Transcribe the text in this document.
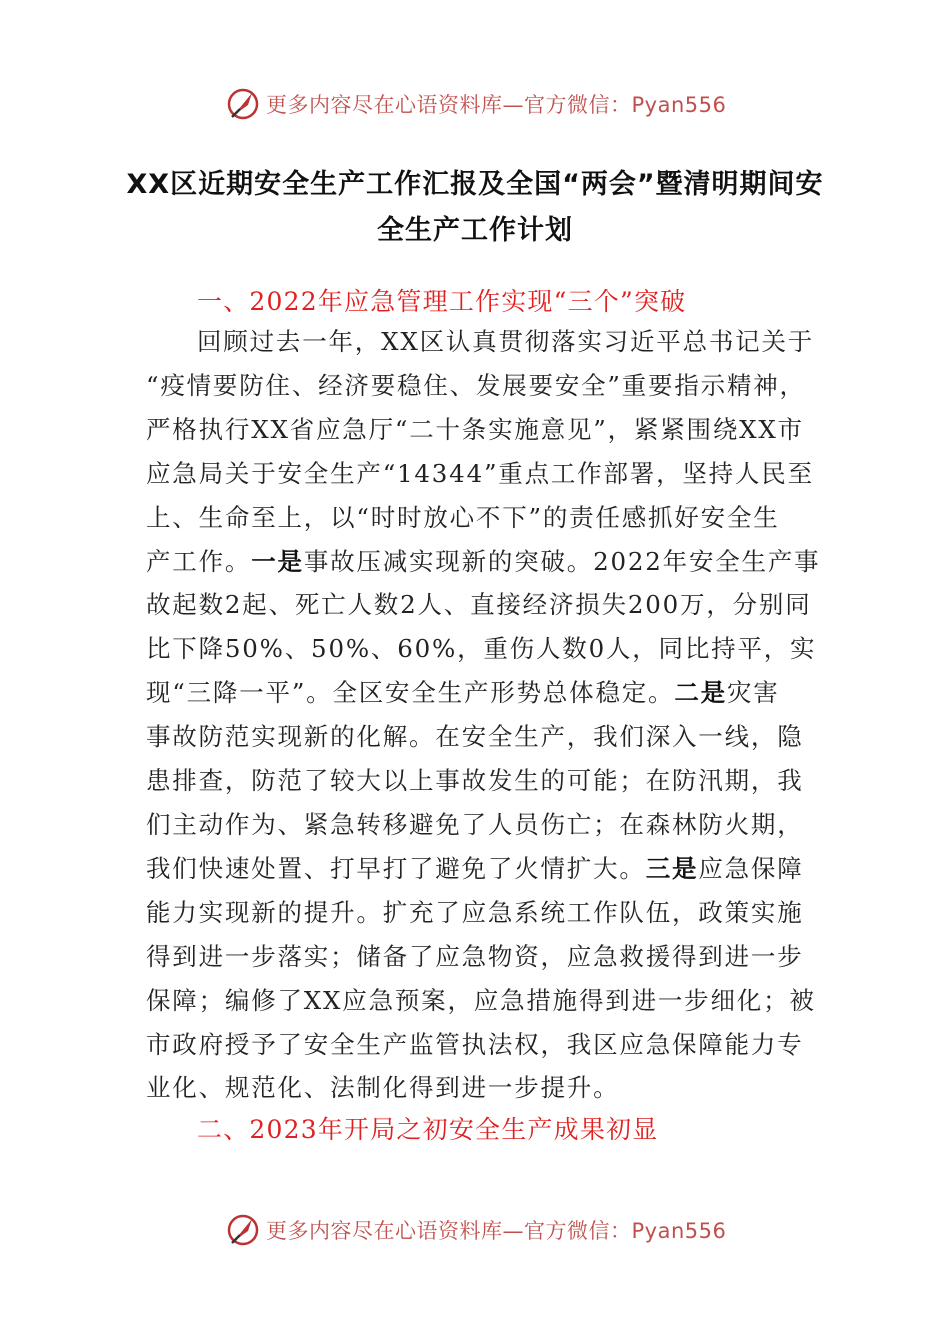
更多内容尽在心语资料库—官方微信：Pyan556
XX区近期安全生产工作汇报及全国“两会”暨清明期间安
全生产工作计划
一、2022年应急管理工作实现“三个”突破
回顾过去一年，XX区认真贯彻落实习近平总书记关于
“疫情要防住、经济要稳住、发展要安全”重要指示精神，
严格执行XX省应急厅“二十条实施意见”，紧紧围绕XX市
应急局关于安全生产“14344”重点工作部署，坚持人民至
上、生命至上，以“时时放心不下”的责任感抓好安全生
产工作。一是事故压减实现新的突破。2022年安全生产事
故起数2起、死亡人数2人、直接经济损失200万，分别同
比下降50%、50%、60%，重伤人数0人，同比持平，实
现“三降一平”。全区安全生产形势总体稳定。二是灾害
事故防范实现新的化解。在安全生产，我们深入一线，隐
患排查，防范了较大以上事故发生的可能；在防汛期，我
们主动作为、紧急转移避免了人员伤亡；在森林防火期，
我们快速处置、打早打了避免了火情扩大。三是应急保障
能力实现新的提升。扩充了应急系统工作队伍，政策实施
得到进一步落实；储备了应急物资，应急救援得到进一步
保障；编修了XX应急预案，应急措施得到进一步细化；被
市政府授予了安全生产监管执法权，我区应急保障能力专
业化、规范化、法制化得到进一步提升。
二、2023年开局之初安全生产成果初显
更多内容尽在心语资料库—官方微信：Pyan556
